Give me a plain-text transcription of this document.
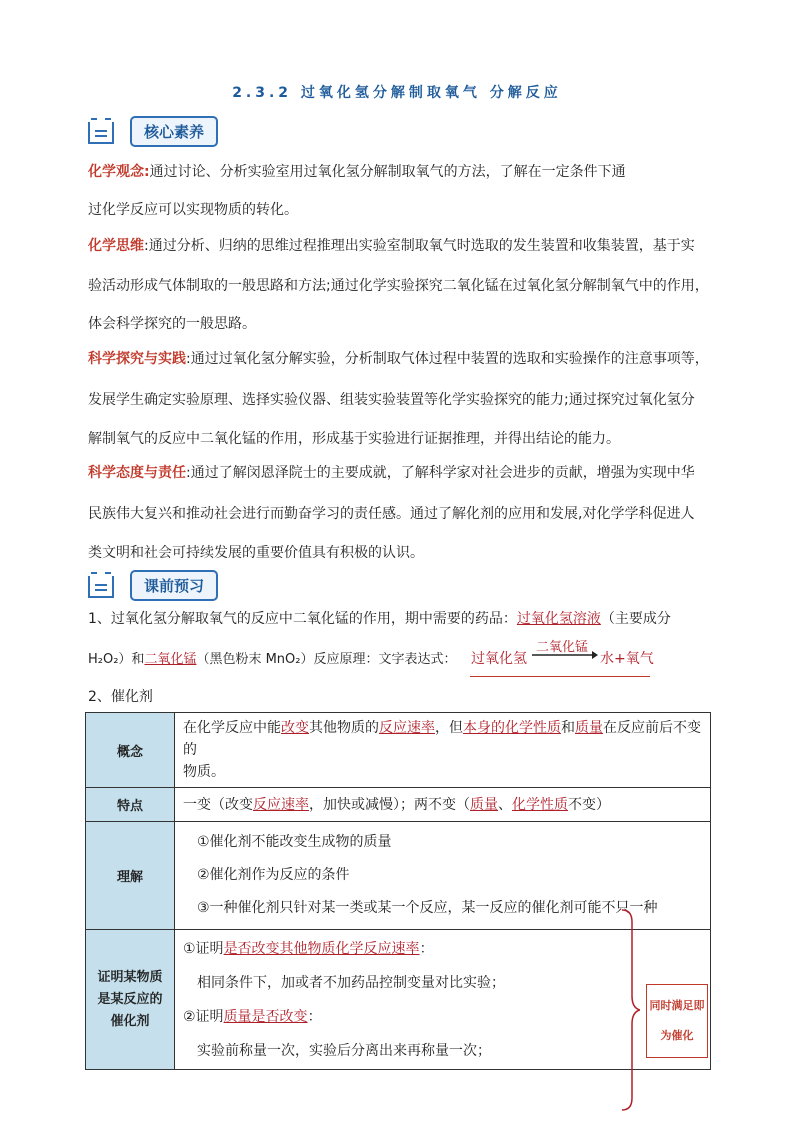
2.3.2 过氧化氢分解制取氧气 分解反应
核心素养
化学观念:通过讨论、分析实验室用过氧化氢分解制取氧气的方法，了解在一定条件下通
过化学反应可以实现物质的转化。
化学思维:通过分析、归纳的思维过程推理出实验室制取氧气时选取的发生装置和收集装置，基于实
验活动形成气体制取的一般思路和方法;通过化学实验探究二氧化锰在过氧化氢分解制氧气中的作用，
体会科学探究的一般思路。
科学探究与实践:通过过氧化氢分解实验，分析制取气体过程中装置的选取和实验操作的注意事项等，
发展学生确定实验原理、选择实验仪器、组装实验装置等化学实验探究的能力;通过探究过氧化氢分
解制氧气的反应中二氧化锰的作用，形成基于实验进行证据推理，并得出结论的能力。
科学态度与责任:通过了解闵恩泽院士的主要成就，了解科学家对社会进步的贡献，增强为实现中华
民族伟大复兴和推动社会进行而勤奋学习的责任感。通过了解化剂的应用和发展,对化学学科促进人
类文明和社会可持续发展的重要价值具有积极的认识。
课前预习
1、过氧化氢分解取氧气的反应中二氧化锰的作用，期中需要的药品：过氧化氢溶液（主要成分
H₂O₂）和二氧化锰（黑色粉末 MnO₂）反应原理：文字表达式：	过氧化氢
二氧化锰
水+氧气
2、催化剂
概念	在化学反应中能改变其他物质的反应速率，但本身的化学性质和质量在反应前后不变的
物质。
特点	一变（改变反应速率，加快或减慢）；两不变（质量、化学性质不变）
理解	①催化剂不能改变生成物的质量
②催化剂作为反应的条件
③一种催化剂只针对某一类或某一个反应，某一反应的催化剂可能不只一种

证明某物质是某反应的催化剂	①证明是否改变其他物质化学反应速率：
相同条件下，加或者不加药品控制变量对比实验；
②证明质量是否改变：
实验前称量一次，实验后分离出来再称量一次；
同时满足即为催化
